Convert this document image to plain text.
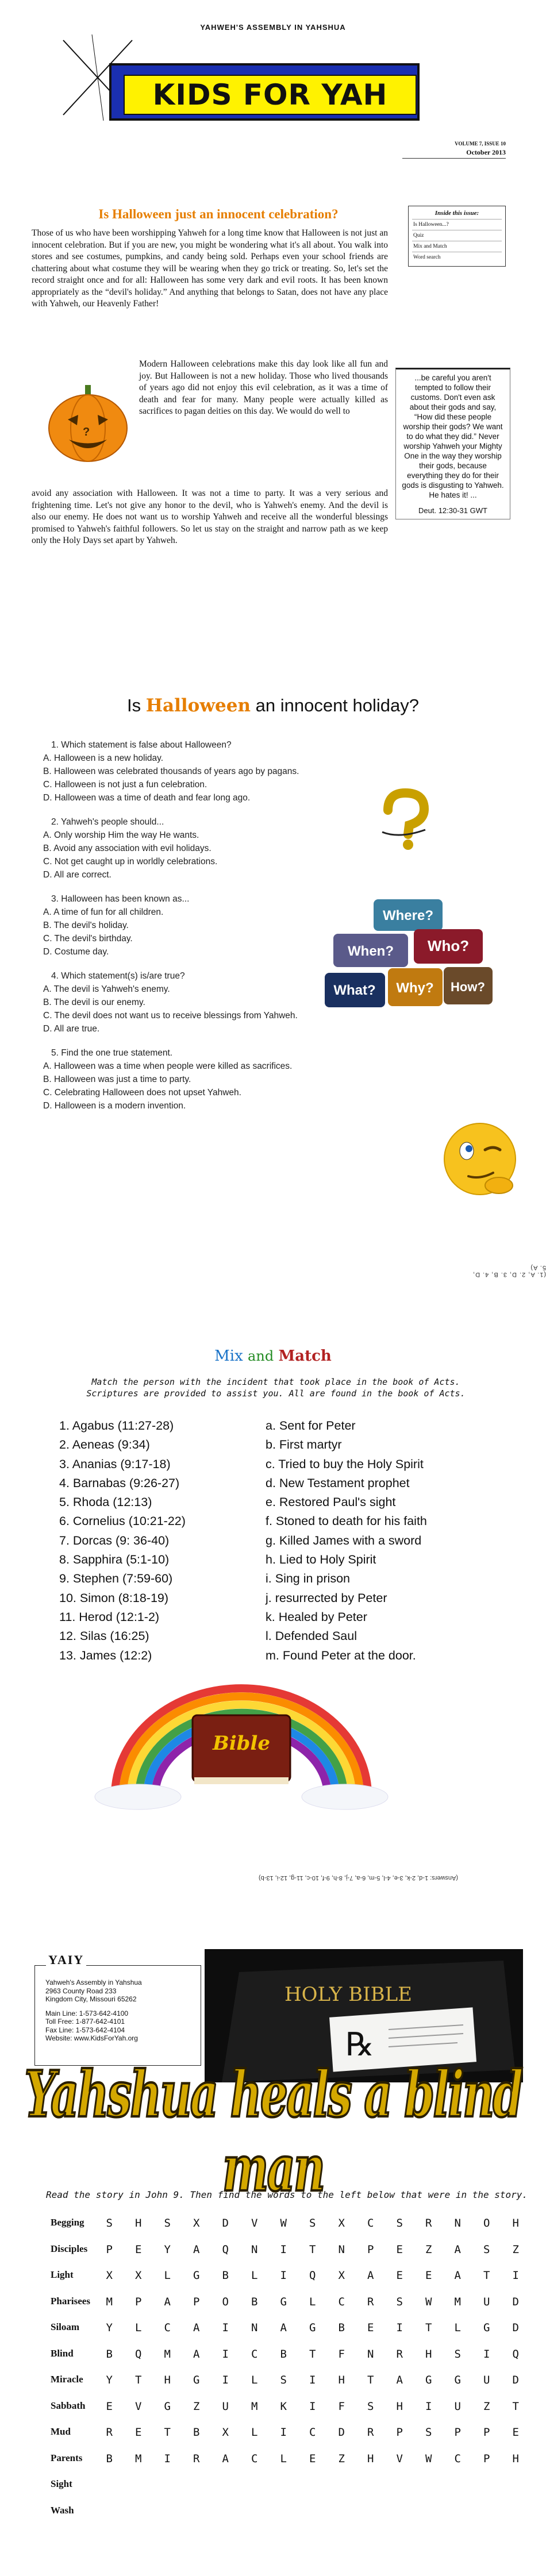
YAHWEH'S ASSEMBLY IN YAHSHUA
KIDS FOR YAH
VOLUME 7, ISSUE 10
October 2013
Is Halloween just an innocent celebration?
Those of us who have been worshipping Yahweh for a long time know that Halloween is not just an innocent celebration. But if you are new, you might be wondering what it's all about. You walk into stores and see costumes, pumpkins, and candy being sold. Perhaps even your school friends are chattering about what costume they will be wearing when they go trick or treating. So, let's set the record straight once and for all: Halloween has some very dark and evil roots. It has been known appropriately as the “devil's holiday.” And anything that belongs to Satan, does not have any place with Yahweh, our Heavenly Father!
?
Modern Halloween celebrations make this day look like all fun and joy. But Halloween is not a new holiday. Those who lived thousands of years ago did not enjoy this evil celebration, as it was a time of death and fear for many. Many people were actually killed as sacrifices to pagan deities on this day. We would do well to
avoid any association with Halloween. It was not a time to party. It was a very serious and frightening time. Let's not give any honor to the devil, who is Yahweh's enemy. And the devil is also our enemy. He does not want us to worship Yahweh and receive all the wonderful blessings promised to Yahweh's faithful followers. So let us stay on the straight and narrow path as we keep only the Holy Days set apart by Yahweh.
Inside this issue:
Is Halloween...?
Quiz
Mix and Match
Word search
...be careful you aren't tempted to follow their customs. Don't even ask about their gods and say, “How did these people worship their gods? We want to do what they did.” Never worship Yahweh your Mighty One in the way they worship their gods, because everything they do for their gods is disgusting to Yahweh. He hates it! ...
Deut. 12:30-31 GWT
Is Halloween an innocent holiday?
1. Which statement is false about Halloween?
A. Halloween is a new holiday.
B. Halloween was celebrated thousands of years ago by pagans.
C. Halloween is not just a fun celebration.
D. Halloween was a time of death and fear long ago.
2. Yahweh's people should...
A. Only worship Him the way He wants.
B. Avoid any association with evil holidays.
C. Not get caught up in worldly celebrations.
D. All are correct.
3. Halloween has been known as...
A. A time of fun for all children.
B. The devil's holiday.
C. The devil's birthday.
D. Costume day.
4. Which statement(s) is/are true?
A. The devil is Yahweh's enemy.
B. The devil is our enemy.
C. The devil does not want us to receive blessings from Yahweh.
D. All are true.
5. Find the one true statement.
A. Halloween was a time when people were killed as sacrifices.
B. Halloween was just a time to party.
C. Celebrating Halloween does not upset Yahweh.
D. Halloween is a modern invention.
Where?
When? Who?
What? Why? How?
(1. A, 2. D, 3. B, 4. D, 5. A)
Mix and Match
Match the person with the incident that took place in the book of Acts. Scriptures are provided to assist you. All are found in the book of Acts.
1. Agabus (11:27-28)
2. Aeneas (9:34)
3. Ananias (9:17-18)
4. Barnabas (9:26-27)
5. Rhoda (12:13)
6. Cornelius (10:21-22)
7. Dorcas (9: 36-40)
8. Sapphira (5:1-10)
9. Stephen (7:59-60)
10. Simon (8:18-19)
11. Herod (12:1-2)
12. Silas (16:25)
13. James (12:2)
a. Sent for Peter
b. First martyr
c. Tried to buy the Holy Spirit
d. New Testament prophet
e. Restored Paul's sight
f. Stoned to death for his faith
g. Killed James with a sword
h. Lied to Holy Spirit
i. Sing in prison
j. resurrected by Peter
k. Healed by Peter
l. Defended Saul
m. Found Peter at the door.
Bible
(Answers: 1-d, 2-k, 3-e, 4-l, 5-m, 6-a, 7-j, 8-h, 9-f, 10-c, 11-g, 12-i, 13-b)
Yahweh's Assembly in Yahshua
2963 County Road 233
Kingdom City, Missouri 65262
Main Line: 1-573-642-4100
Toll Free: 1-877-642-4101
Fax Line: 1-573-642-4104
Website: www.KidsForYah.org
YAIY
HOLY BIBLE
℞
Yahshua heals a blind man
Read the story in John 9. Then find the words to the left below that were in the story.
Begging
Disciples
Light
Pharisees
Siloam
Blind
Miracle
Sabbath
Mud
Parents
Sight
Wash
S	H	S	X	D	V	W	S	X	C	S	R	N	O	H
P	E	Y	A	Q	N	I	T	N	P	E	Z	A	S	Z
X	X	L	G	B	L	I	Q	X	A	E	E	A	T	I
M	P	A	P	O	B	G	L	C	R	S	W	M	U	D
Y	L	C	A	I	N	A	G	B	E	I	T	L	G	D
B	Q	M	A	I	C	B	T	F	N	R	H	S	I	Q
Y	T	H	G	I	L	S	I	H	T	A	G	G	U	D
E	V	G	Z	U	M	K	I	F	S	H	I	U	Z	T
R	E	T	B	X	L	I	C	D	R	P	S	P	P	E
B	M	I	R	A	C	L	E	Z	H	V	W	C	P	H
